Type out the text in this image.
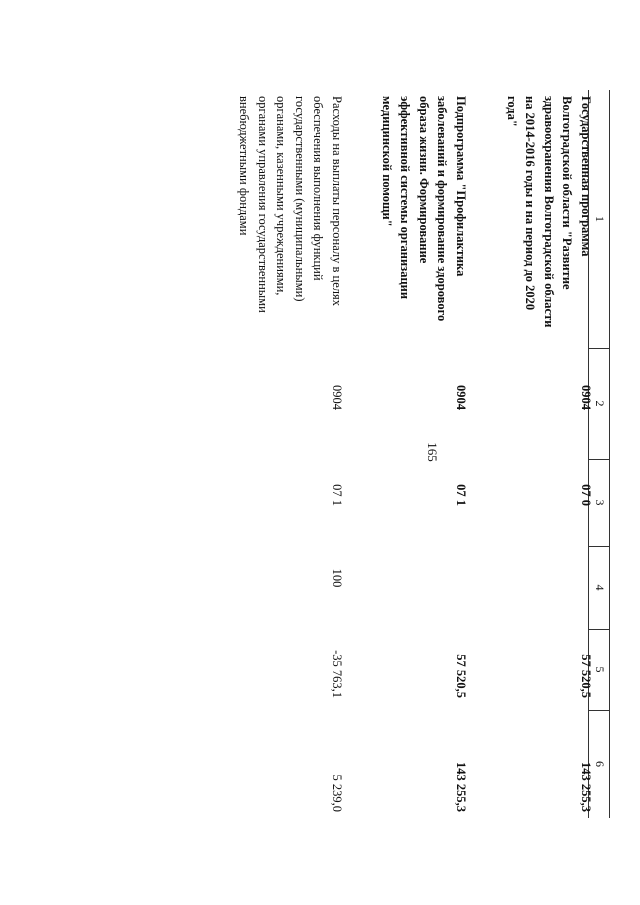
165
1
2
3
4
5
6
Государственная программа Волгоградской области "Развитие здравоохранения Волгоградской области на 2014-2016 годы и на период до 2020 года"
0904
07 0
57 520,5
143 255,3
Подпрограмма "Профилактика заболеваний и формирование здорового образа жизни. Формирование эффективной системы организации медицинской помощи"
0904
07 1
57 520,5
143 255,3
Расходы на выплаты персоналу в целях обеспечения выполнения функций государственными (муниципальными) органами, казенными учреждениями, органами управления государственными внебюджетными фондами
0904
07 1
100
-35 763,1
5 239,0
